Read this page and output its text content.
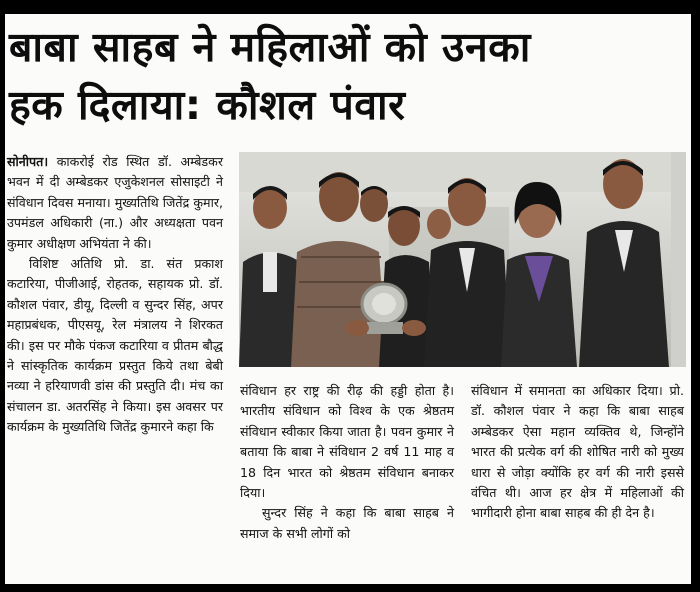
बाबा साहब ने महिलाओं को उनका
हक दिलाया: कौशल पंवार

सोनीपत। काकरोई रोड स्थित डॉ. अम्बेडकर भवन में दी अम्बेडकर एजुकेशनल सोसाइटी ने संविधान दिवस मनाया। मुख्यतिथि जितेंद्र कुमार, उपमंडल अधिकारी (ना.) और अध्यक्षता पवन कुमार अधीक्षण अभियंता ने की।

विशिष्ट अतिथि प्रो. डा. संत प्रकाश कटारिया, पीजीआई, रोहतक, सहायक प्रो. डॉ. कौशल पंवार, डीयू, दिल्ली व सुन्दर सिंह, अपर महाप्रबंधक, पीएसयू, रेल मंत्रालय ने शिरकत की। इस पर मौके पंकज कटारिया व प्रीतम बौद्ध ने सांस्कृतिक कार्यक्रम प्रस्तुत किये तथा बेबी नव्या ने हरियाणवी डांस की प्रस्तुति दी। मंच का संचालन डा. अतरसिंह ने किया। इस अवसर पर कार्यक्रम के मुख्यतिथि जितेंद्र कुमारने कहा कि

संविधान हर राष्ट्र की रीढ़ की हड्डी होता है। भारतीय संविधान को विश्व के एक श्रेष्ठतम संविधान स्वीकार किया जाता है। पवन कुमार ने बताया कि बाबा ने संविधान 2 वर्ष 11 माह व 18 दिन भारत को श्रेष्ठतम संविधान बनाकर दिया।

सुन्दर सिंह ने कहा कि बाबा साहब ने समाज के सभी लोगों को

संविधान में समानता का अधिकार दिया। प्रो. डॉ. कौशल पंवार ने कहा कि बाबा साहब अम्बेडकर ऐसा महान व्यक्तिव थे, जिन्होंने भारत की प्रत्येक वर्ग की शोषित नारी को मुख्य धारा से जोड़ा क्योंकि हर वर्ग की नारी इससे वंचित थी। आज हर क्षेत्र में महिलाओं की भागीदारी होना बाबा साहब की ही देन है।
